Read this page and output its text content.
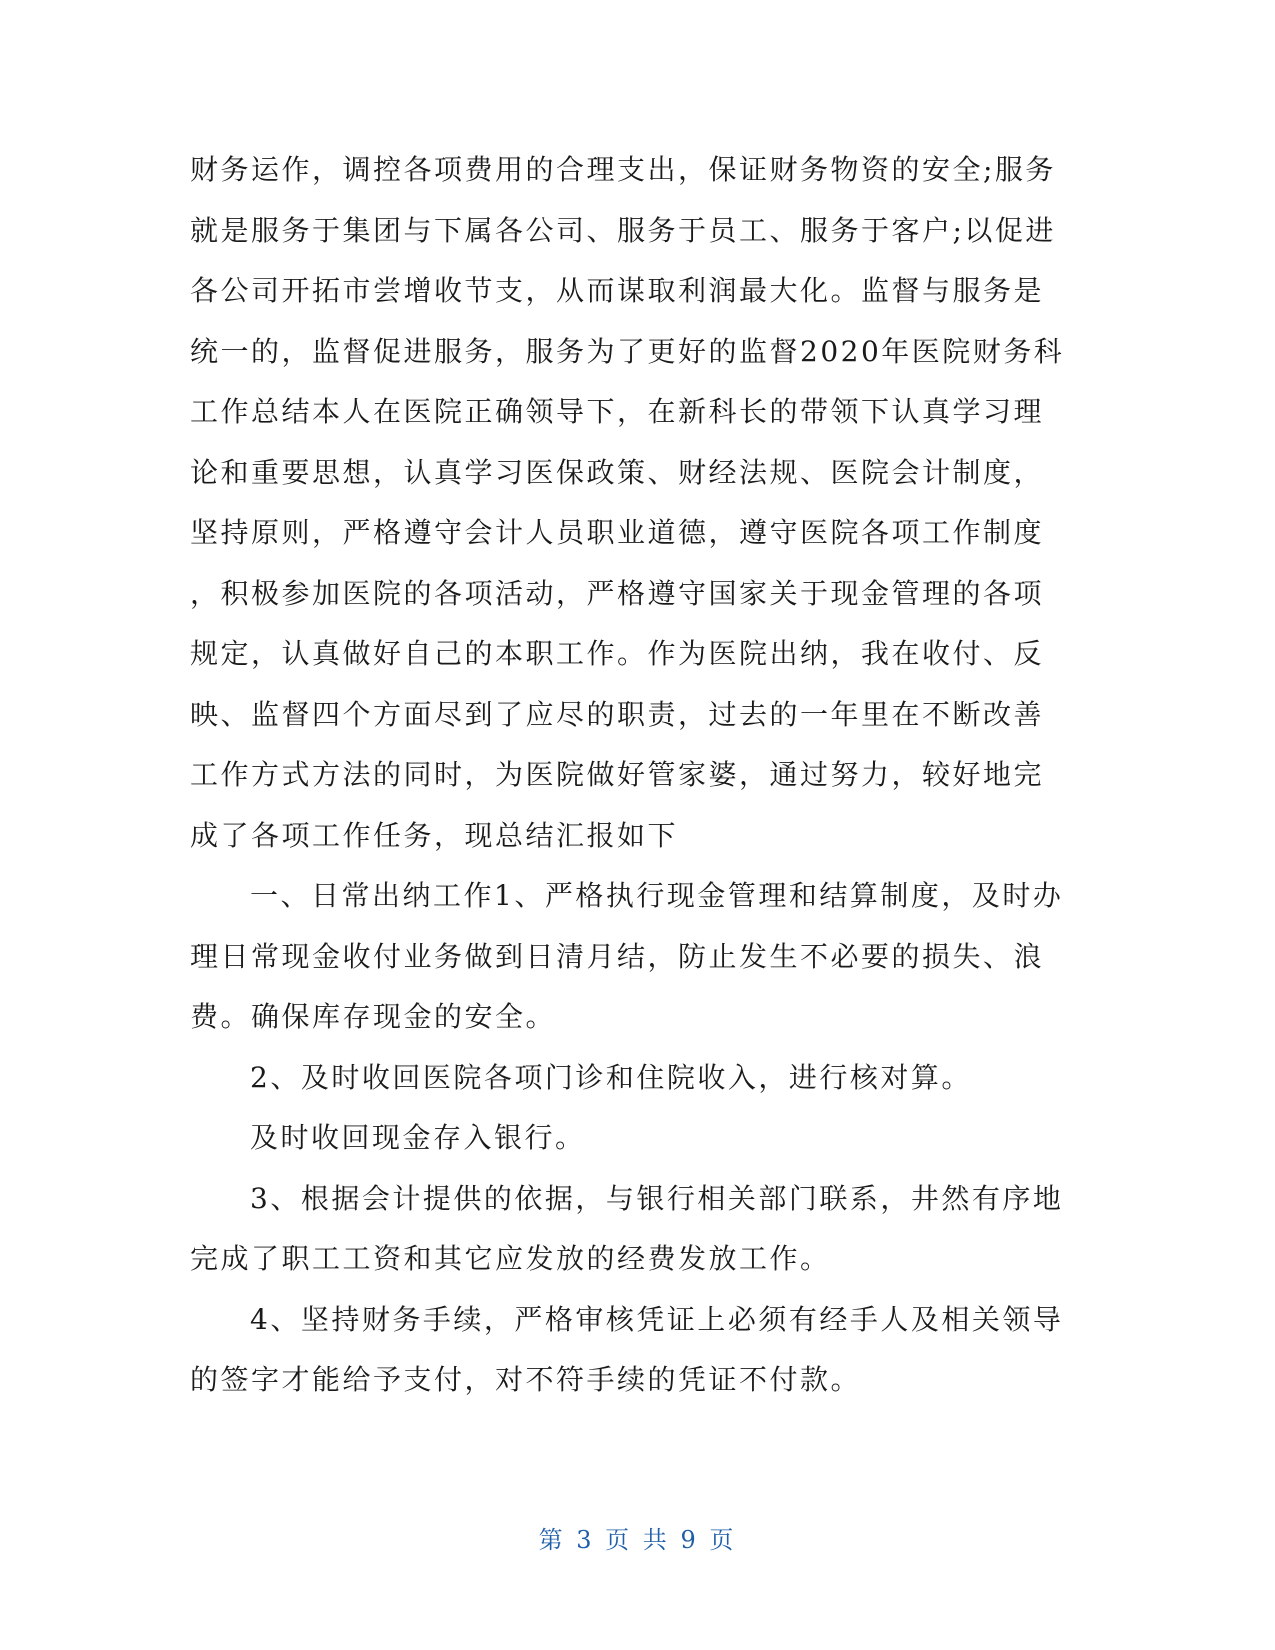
财务运作，调控各项费用的合理支出，保证财务物资的安全;服务
就是服务于集团与下属各公司、服务于员工、服务于客户;以促进
各公司开拓市尝增收节支，从而谋取利润最大化。监督与服务是
统一的，监督促进服务，服务为了更好的监督2020年医院财务科
工作总结本人在医院正确领导下，在新科长的带领下认真学习理
论和重要思想，认真学习医保政策、财经法规、医院会计制度，
坚持原则，严格遵守会计人员职业道德，遵守医院各项工作制度
，积极参加医院的各项活动，严格遵守国家关于现金管理的各项
规定，认真做好自己的本职工作。作为医院出纳，我在收付、反
映、监督四个方面尽到了应尽的职责，过去的一年里在不断改善
工作方式方法的同时，为医院做好管家婆，通过努力，较好地完
成了各项工作任务，现总结汇报如下
一、日常出纳工作1、严格执行现金管理和结算制度，及时办
理日常现金收付业务做到日清月结，防止发生不必要的损失、浪
费。确保库存现金的安全。
2、及时收回医院各项门诊和住院收入，进行核对算。
及时收回现金存入银行。
3、根据会计提供的依据，与银行相关部门联系，井然有序地
完成了职工工资和其它应发放的经费发放工作。
4、坚持财务手续，严格审核凭证上必须有经手人及相关领导
的签字才能给予支付，对不符手续的凭证不付款。
第 3 页 共 9 页
